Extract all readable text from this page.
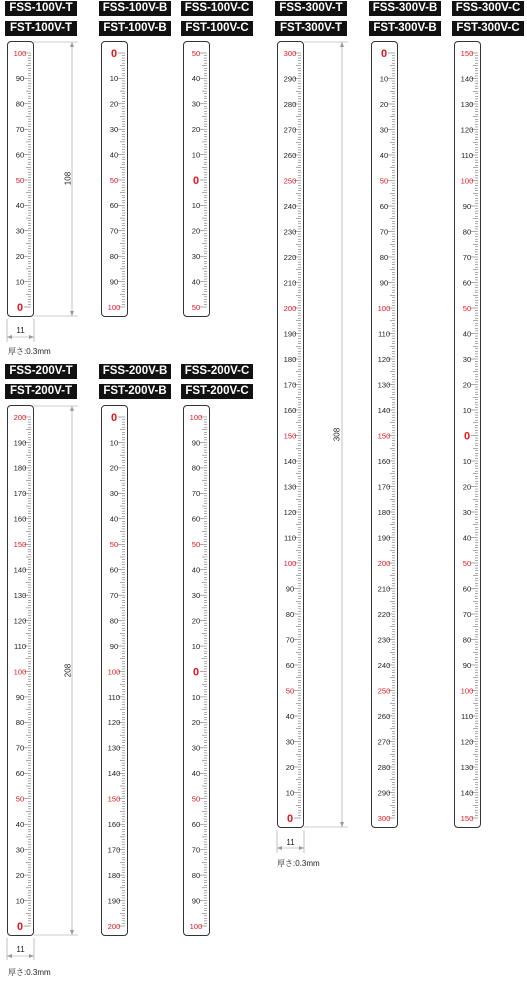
FSS-100V-T
FST-100V-T
FSS-100V-B
FST-100V-B
FSS-100V-C
FST-100V-C
100
90
80
70
60
50
40
30
20
10
0
0
10
20
30
40
50
60
70
80
90
100
50
40
30
20
10
0
10
20
30
40
50
108
11
厚さ:0.3mm
FSS-200V-T
FST-200V-T
FSS-200V-B
FST-200V-B
FSS-200V-C
FST-200V-C
200
190
180
170
160
150
140
130
120
110
100
90
80
70
60
50
40
30
20
10
0
0
10
20
30
40
50
60
70
80
90
100
110
120
130
140
150
160
170
180
190
200
100
90
80
70
60
50
40
30
20
10
0
10
20
30
40
50
60
70
80
90
100
208
11
厚さ:0.3mm
FSS-300V-T
FST-300V-T
FSS-300V-B
FST-300V-B
FSS-300V-C
FST-300V-C
300
290
280
270
260
250
240
230
220
210
200
190
180
170
160
150
140
130
120
110
100
90
80
70
60
50
40
30
20
10
0
0
10
20
30
40
50
60
70
80
90
100
110
120
130
140
150
160
170
180
190
200
210
220
230
240
250
260
270
280
290
300
150
140
130
120
110
100
90
80
70
60
50
40
30
20
10
0
10
20
30
40
50
60
70
80
90
100
110
120
130
140
150
308
11
厚さ:0.3mm
